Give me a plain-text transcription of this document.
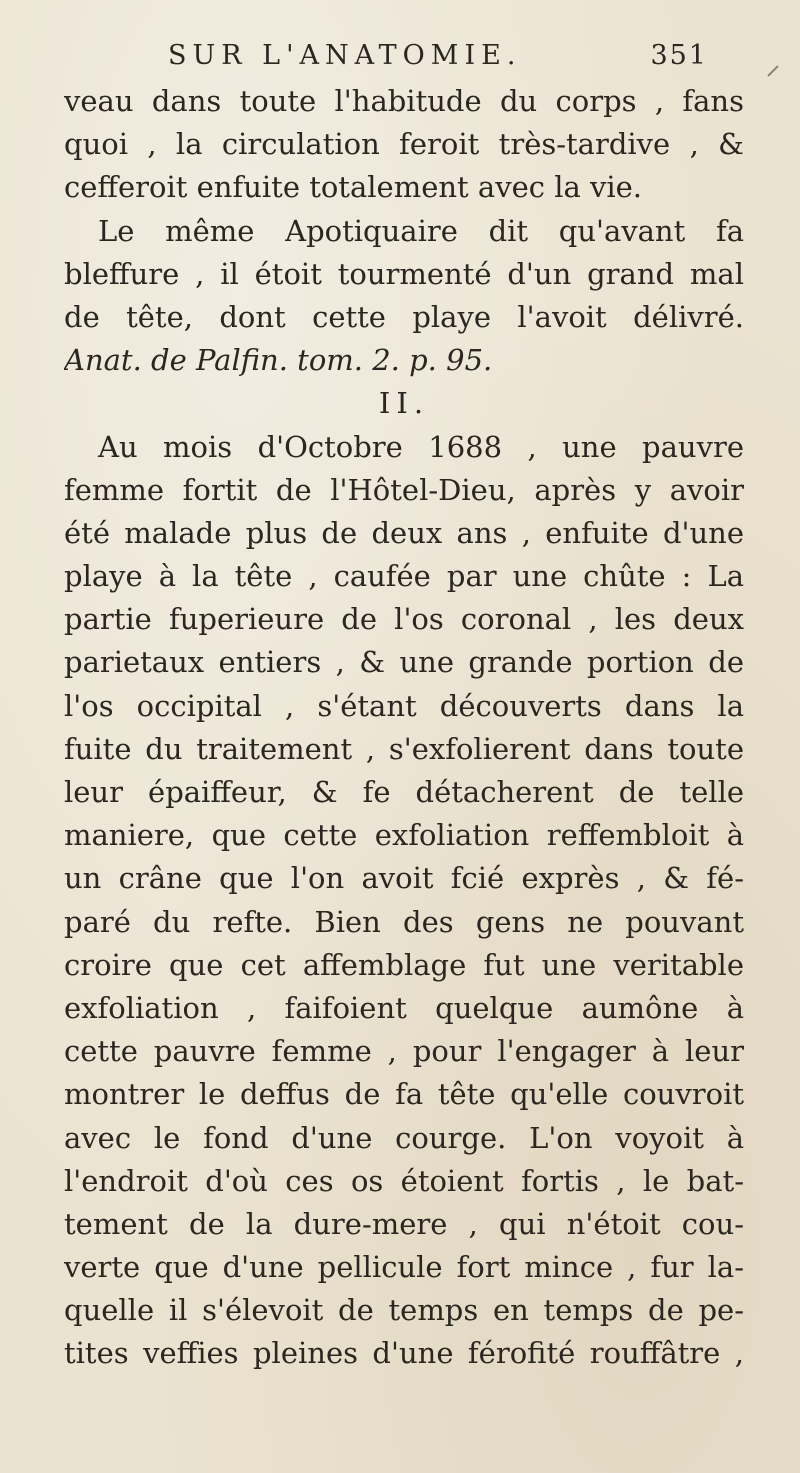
SUR L'ANATOMIE.	351
veau dans toute l'habitude du corps , fans
quoi , la circulation feroit très-tardive , &
cefferoit enfuite totalement avec la vie.
Le même Apotiquaire dit qu'avant fa
bleffure , il étoit tourmenté d'un grand mal
de tête, dont cette playe l'avoit délivré.
Anat. de Palfin. tom. 2. p. 95.
II.
Au mois d'Octobre 1688 , une pauvre
femme fortit de l'Hôtel-Dieu, après y avoir
été malade plus de deux ans , enfuite d'une
playe à la tête , caufée par une chûte : La
partie fuperieure de l'os coronal , les deux
parietaux entiers , & une grande portion de
l'os occipital , s'étant découverts dans la
fuite du traitement , s'exfolierent dans toute
leur épaiffeur, & fe détacherent de telle
maniere, que cette exfoliation reffembloit à
un crâne que l'on avoit fcié exprès , & fé-
paré du refte. Bien des gens ne pouvant
croire que cet affemblage fut une veritable
exfoliation , faifoient quelque aumône à
cette pauvre femme , pour l'engager à leur
montrer le deffus de fa tête qu'elle couvroit
avec le fond d'une courge. L'on voyoit à
l'endroit d'où ces os étoient fortis , le bat-
tement de la dure-mere , qui n'étoit cou-
verte que d'une pellicule fort mince , fur la-
quelle il s'élevoit de temps en temps de pe-
tites veffies pleines d'une férofité rouffâtre ,
